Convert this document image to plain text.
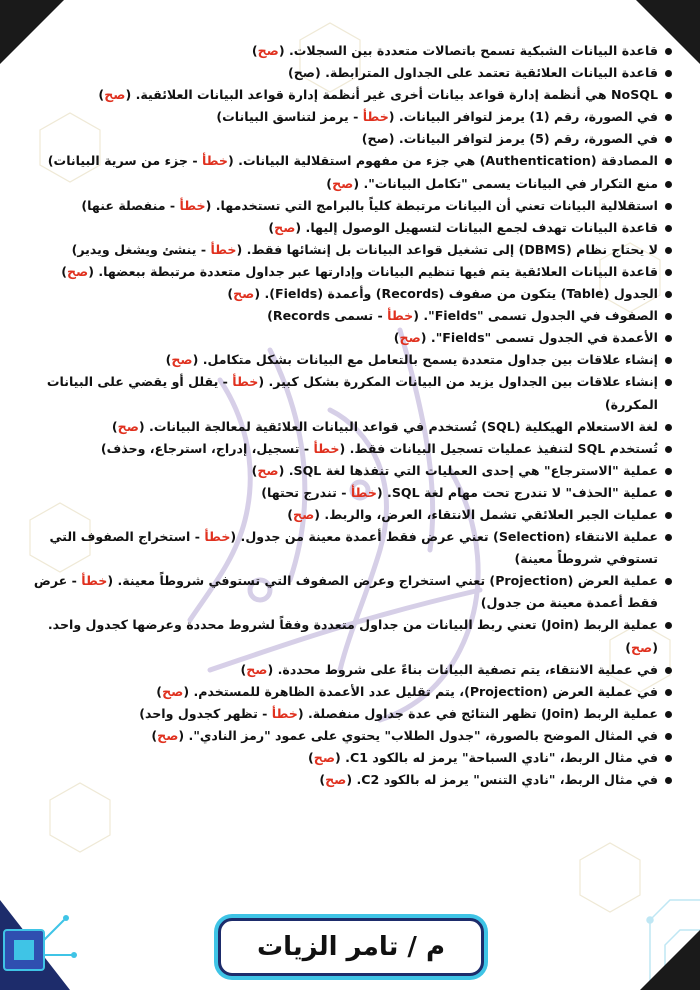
قاعدة البيانات الشبكية تسمح باتصالات متعددة بين السجلات. (صح)
قاعدة البيانات العلائقية تعتمد على الجداول المترابطة. (صح)
NoSQL هي أنظمة إدارة قواعد بيانات أخرى غير أنظمة إدارة قواعد البيانات العلائقية. (صح)
في الصورة، رقم (1) يرمز لتوافر البيانات. (خطأ - يرمز لتناسق البيانات)
في الصورة، رقم (5) يرمز لتوافر البيانات. (صح)
المصادقة (Authentication) هي جزء من مفهوم استقلالية البيانات. (خطأ - جزء من سرية البيانات)
منع التكرار في البيانات يسمى "تكامل البيانات". (صح)
استقلالية البيانات تعني أن البيانات مرتبطة كلياً بالبرامج التي تستخدمها. (خطأ - منفصلة عنها)
قاعدة البيانات تهدف لجمع البيانات لتسهيل الوصول إليها. (صح)
لا يحتاج نظام (DBMS) إلى تشغيل قواعد البيانات بل إنشائها فقط. (خطأ - ينشئ ويشغل ويدير)
قاعدة البيانات العلائقية يتم فيها تنظيم البيانات وإدارتها عبر جداول متعددة مرتبطة ببعضها. (صح)
الجدول (Table) يتكون من صفوف (Records) وأعمدة (Fields). (صح)
الصفوف في الجدول تسمى "Fields". (خطأ - تسمى Records)
الأعمدة في الجدول تسمى "Fields". (صح)
إنشاء علاقات بين جداول متعددة يسمح بالتعامل مع البيانات بشكل متكامل. (صح)
إنشاء علاقات بين الجداول يزيد من البيانات المكررة بشكل كبير. (خطأ - يقلل أو يقضي على البيانات المكررة)
لغة الاستعلام الهيكلية (SQL) تُستخدم في قواعد البيانات العلائقية لمعالجة البيانات. (صح)
تُستخدم SQL لتنفيذ عمليات تسجيل البيانات فقط. (خطأ - تسجيل، إدراج، استرجاع، وحذف)
عملية "الاسترجاع" هي إحدى العمليات التي تنفذها لغة SQL. (صح)
عملية "الحذف" لا تندرج تحت مهام لغة SQL. (خطأ - تندرج تحتها)
عمليات الجبر العلائقي تشمل الانتقاء، العرض، والربط. (صح)
عملية الانتقاء (Selection) تعني عرض فقط أعمدة معينة من جدول. (خطأ - استخراج الصفوف التي تستوفي شروطاً معينة)
عملية العرض (Projection) تعني استخراج وعرض الصفوف التي تستوفي شروطاً معينة. (خطأ - عرض فقط أعمدة معينة من جدول)
عملية الربط (Join) تعني ربط البيانات من جداول متعددة وفقاً لشروط محددة وعرضها كجدول واحد. (صح)
في عملية الانتقاء، يتم تصفية البيانات بناءً على شروط محددة. (صح)
في عملية العرض (Projection)، يتم تقليل عدد الأعمدة الظاهرة للمستخدم. (صح)
عملية الربط (Join) تظهر النتائج في عدة جداول منفصلة. (خطأ - تظهر كجدول واحد)
في المثال الموضح بالصورة، "جدول الطلاب" يحتوي على عمود "رمز النادي". (صح)
في مثال الربط، "نادي السباحة" يرمز له بالكود C1. (صح)
في مثال الربط، "نادي التنس" يرمز له بالكود C2. (صح)
م / تامر الزيات
